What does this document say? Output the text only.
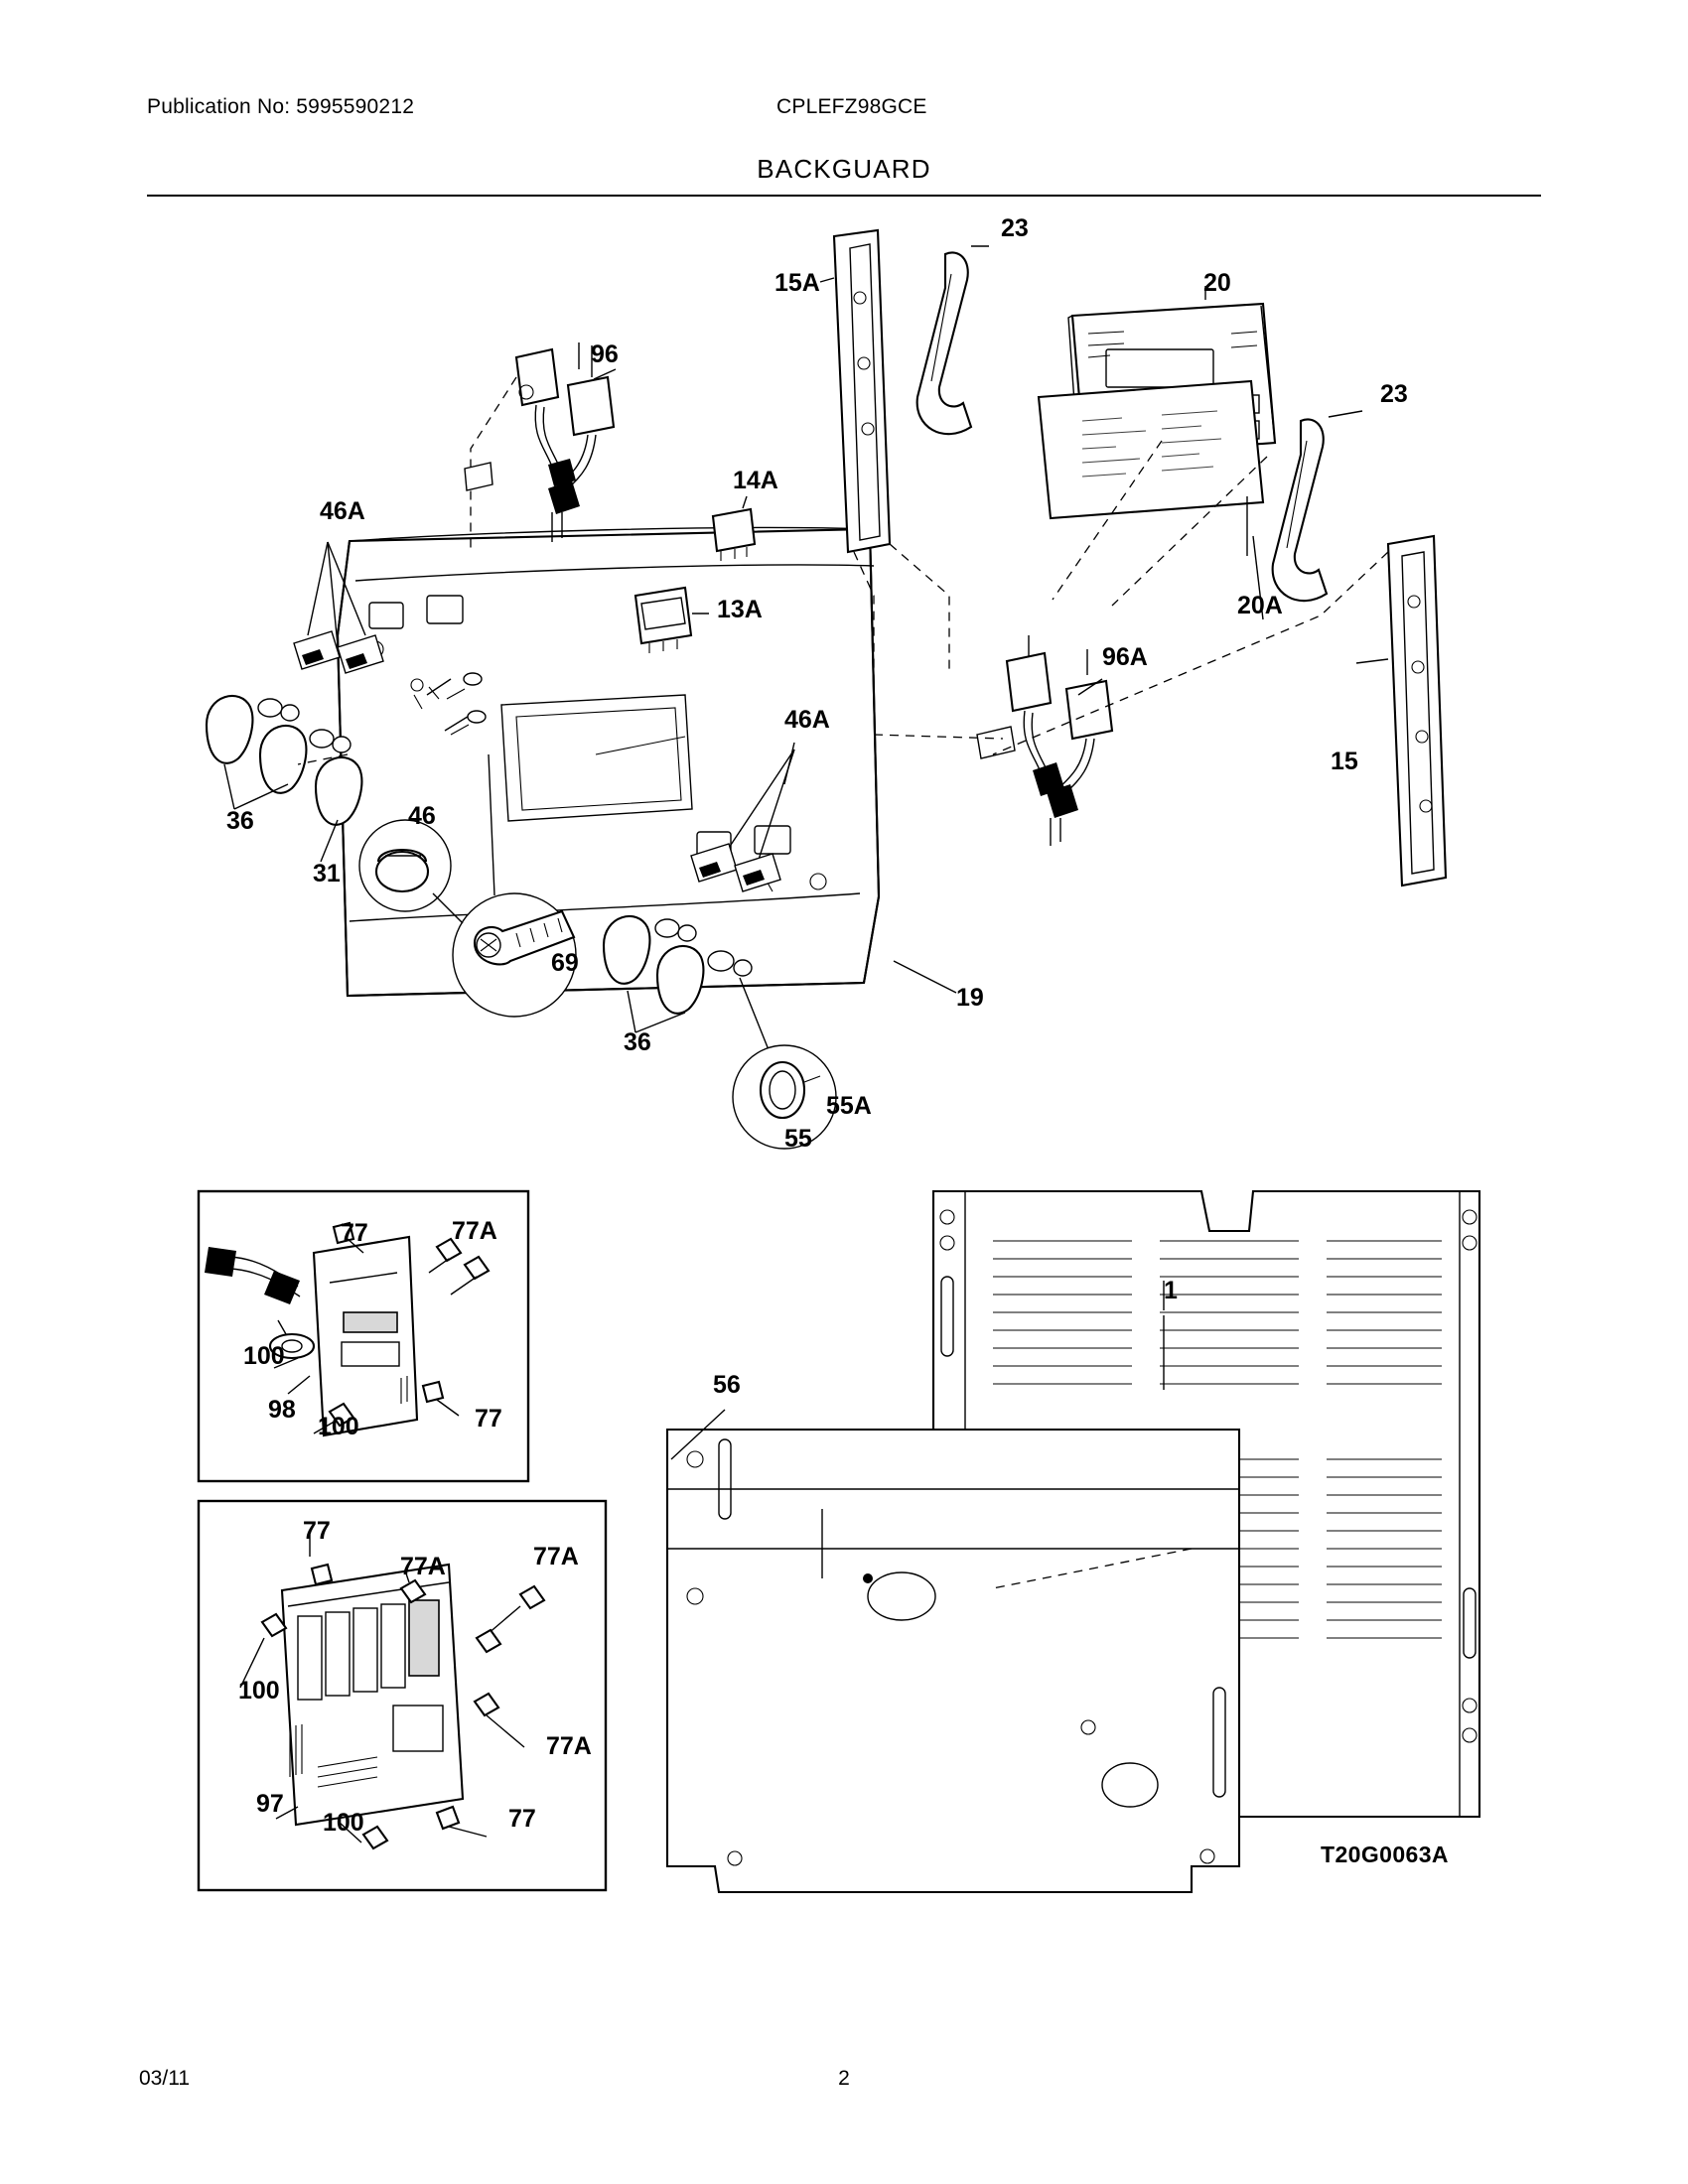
Publication No: 5995590212	CPLEFZ98GCE
BACKGUARD
96
15A
23
20
23
14A
46A
13A	20A
96A
46A
15
36	46
31
69
19
36
55A
55
77	77A
100
98
100	77
77
77A	77A
100
77A
97
100	77
1
56
T20G0063A
03/11	2
